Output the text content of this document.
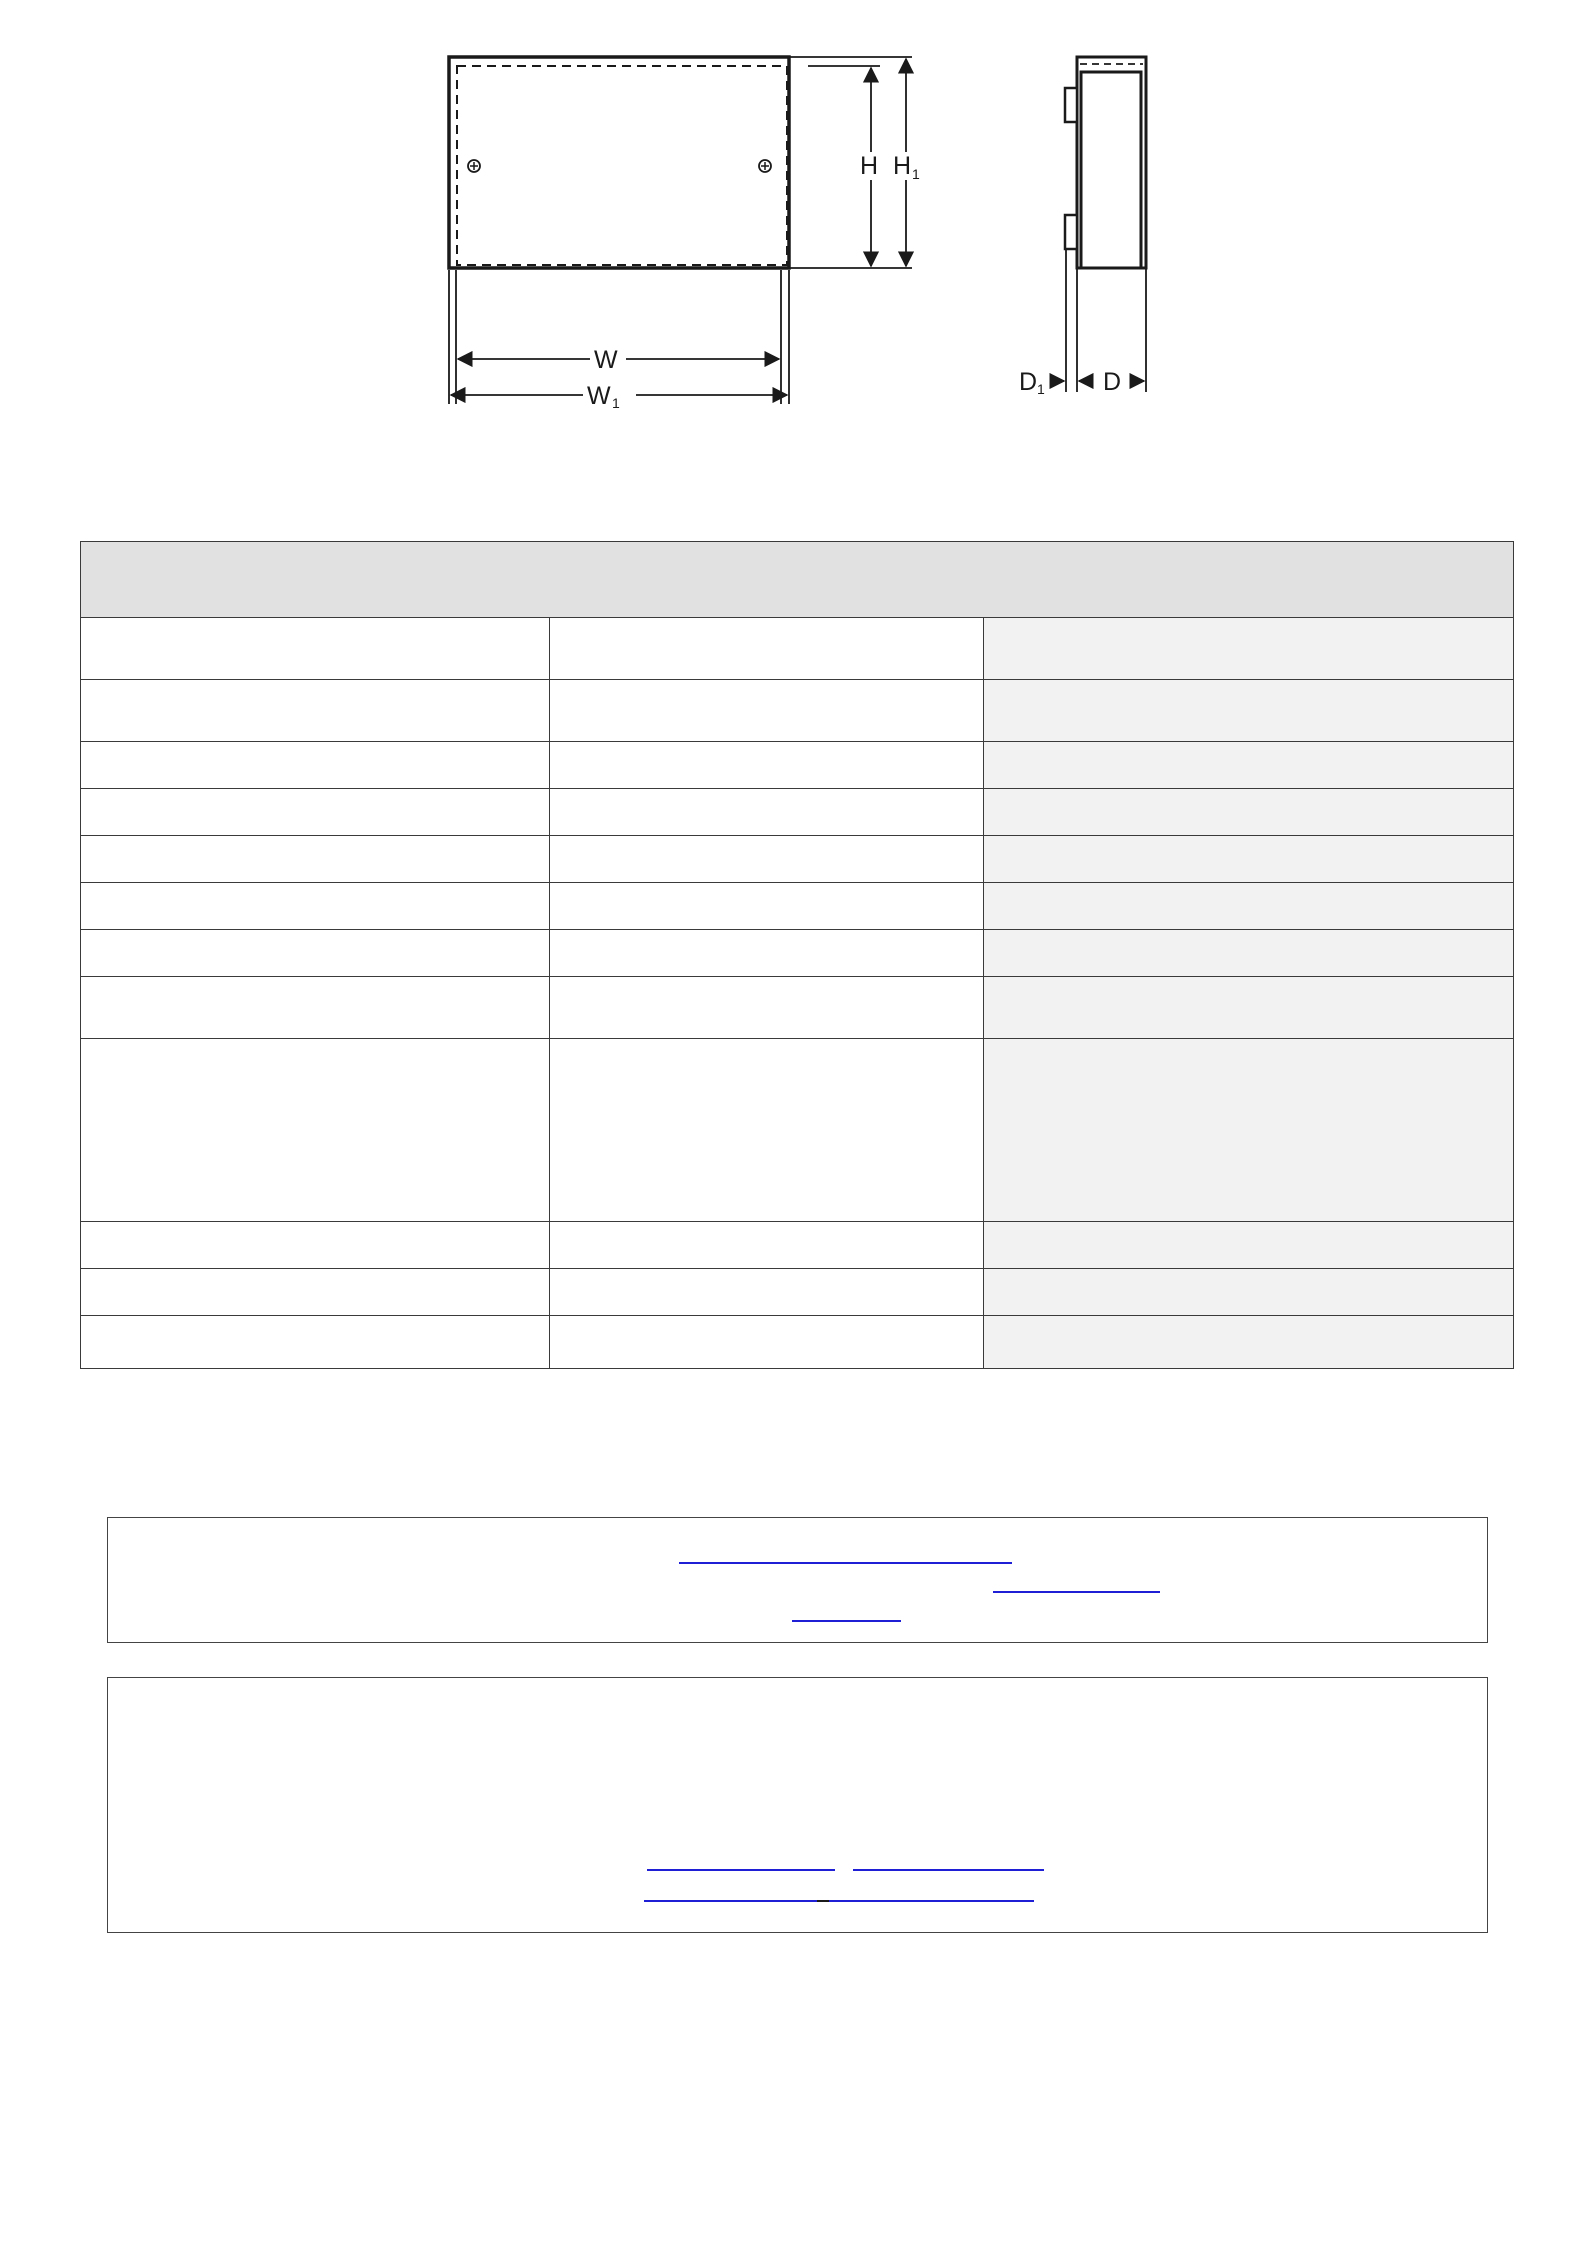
H H 1
W
W 1
D 1 D
